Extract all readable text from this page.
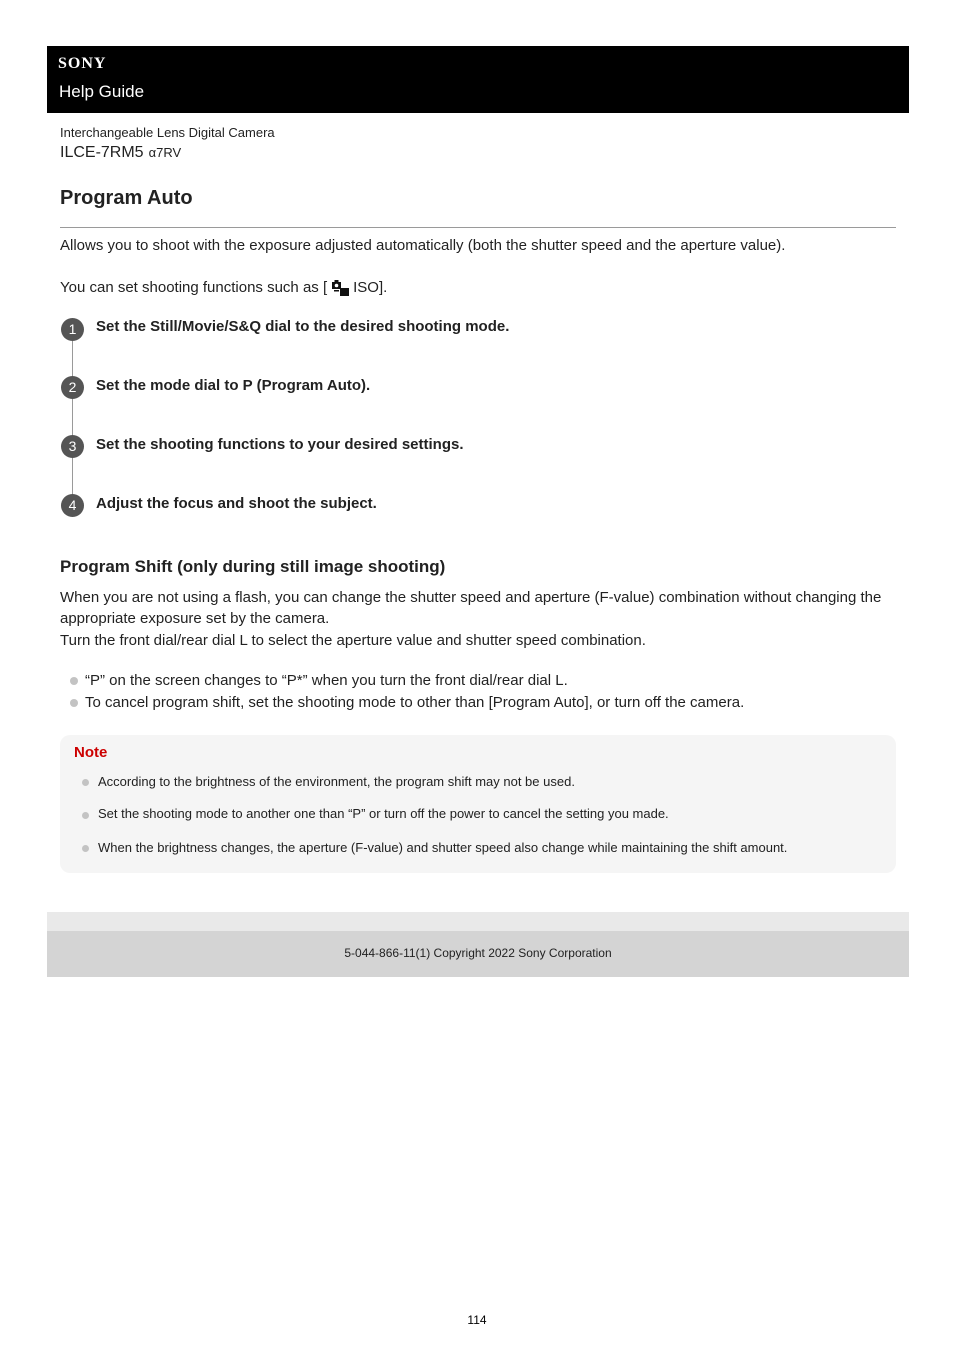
SONY
Help Guide
Interchangeable Lens Digital Camera
ILCE-7RM5 α7RV
Program Auto

Allows you to shoot with the exposure adjusted automatically (both the shutter speed and the aperture value).

You can set shooting functions such as [ ISO].

1	Set the Still/Movie/S&Q dial to the desired shooting mode.
2	Set the mode dial to P (Program Auto).
3	Set the shooting functions to your desired settings.
4	Adjust the focus and shoot the subject.
Program Shift (only during still image shooting)

When you are not using a flash, you can change the shutter speed and aperture (F-value) combination without changing the appropriate exposure set by the camera.

Turn the front dial/rear dial L to select the aperture value and shutter speed combination.

“P” on the screen changes to “P*” when you turn the front dial/rear dial L.
To cancel program shift, set the shooting mode to other than [Program Auto], or turn off the camera.
Note
According to the brightness of the environment, the program shift may not be used.
Set the shooting mode to another one than “P” or turn off the power to cancel the setting you made.
When the brightness changes, the aperture (F-value) and shutter speed also change while maintaining the shift amount.
5-044-866-11(1) Copyright 2022 Sony Corporation
114
